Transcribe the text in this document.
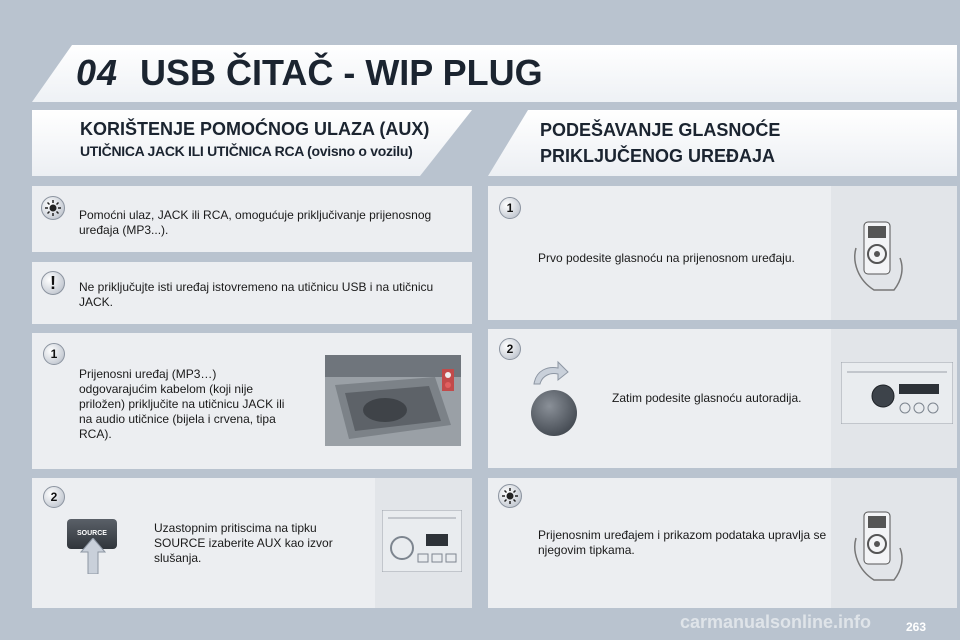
04 USB ČITAČ - WIP PLUG
KORIŠTENJE POMOĆNOG ULAZA (AUX)
UTIČNICA JACK ILI UTIČNICA RCA (ovisno o vozilu)
PODEŠAVANJE GLASNOĆE
PRIKLJUČENOG UREĐAJA
Pomoćni ulaz, JACK ili RCA, omogućuje priključivanje prijenosnog uređaja (MP3...).
!	Ne priključujte isti uređaj istovremeno na utičnicu USB i na utičnicu JACK.
1
Prijenosni uređaj (MP3…) odgovarajućim kabelom (koji nije priložen) priključite na utičnicu JACK ili na audio utičnice (bijela i crvena, tipa RCA).
2
SOURCE	Uzastopnim pritiscima na tipku SOURCE izaberite AUX kao izvor slušanja.
1
Prvo podesite glasnoću na prijenosnom uređaju.
2
Zatim podesite glasnoću autoradija.
Prijenosnim uređajem i prikazom podataka upravlja se njegovim tipkama.
carmanualsonline.info	263
